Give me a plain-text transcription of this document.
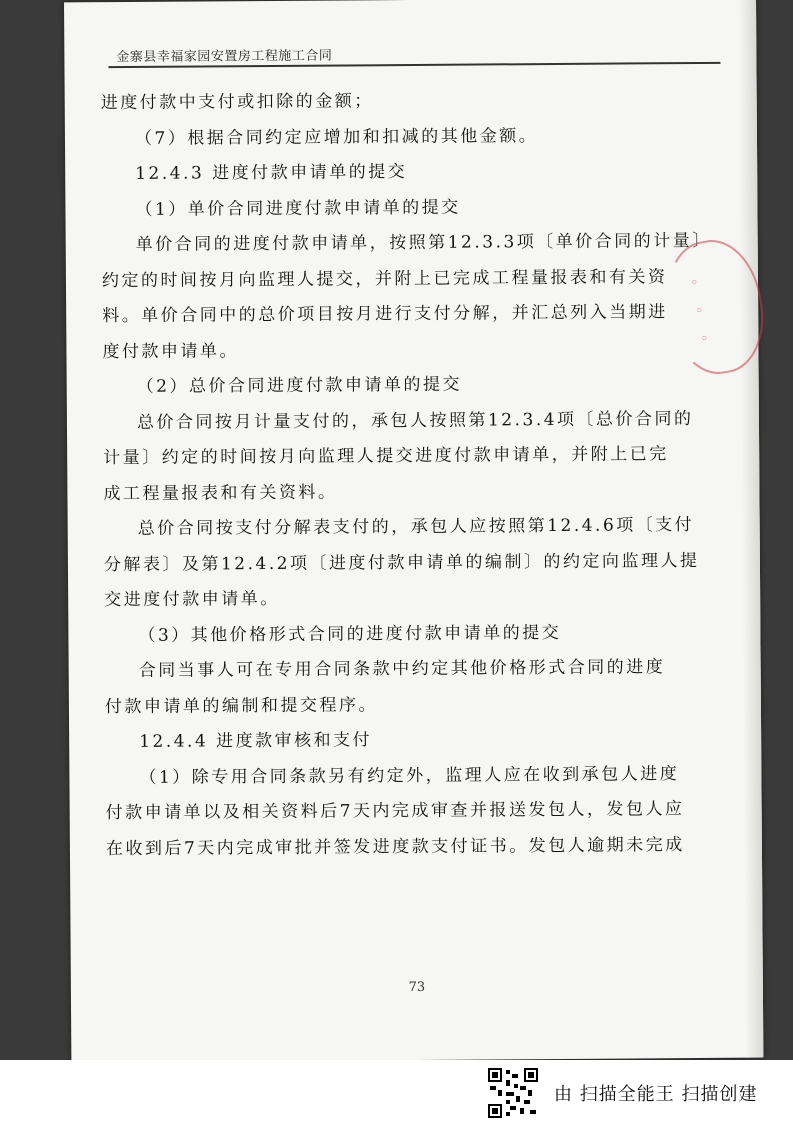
金寨县幸福家园安置房工程施工合同
进度付款中支付或扣除的金额；
（7）根据合同约定应增加和扣减的其他金额。
12.4.3 进度付款申请单的提交
（1）单价合同进度付款申请单的提交
单价合同的进度付款申请单，按照第12.3.3项〔单价合同的计量〕
约定的时间按月向监理人提交，并附上已完成工程量报表和有关资
料。单价合同中的总价项目按月进行支付分解，并汇总列入当期进
度付款申请单。
（2）总价合同进度付款申请单的提交
总价合同按月计量支付的，承包人按照第12.3.4项〔总价合同的
计量〕约定的时间按月向监理人提交进度付款申请单，并附上已完
成工程量报表和有关资料。
总价合同按支付分解表支付的，承包人应按照第12.4.6项〔支付
分解表〕及第12.4.2项〔进度付款申请单的编制〕的约定向监理人提
交进度付款申请单。
（3）其他价格形式合同的进度付款申请单的提交
合同当事人可在专用合同条款中约定其他价格形式合同的进度
付款申请单的编制和提交程序。
12.4.4 进度款审核和支付
（1）除专用合同条款另有约定外，监理人应在收到承包人进度
付款申请单以及相关资料后7天内完成审查并报送发包人，发包人应
在收到后7天内完成审批并签发进度款支付证书。发包人逾期未完成
73
◦ ◦ ◦
由 扫描全能王 扫描创建
